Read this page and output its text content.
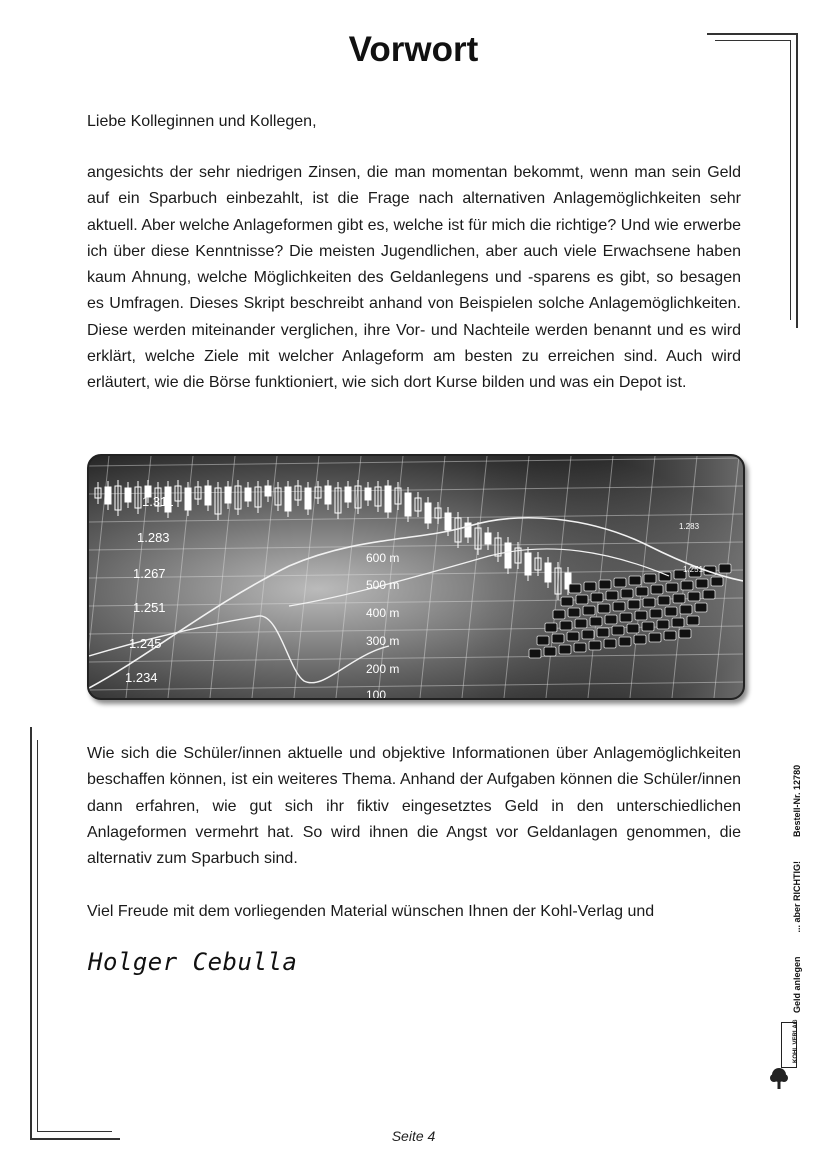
Vorwort
Liebe Kolleginnen und Kollegen,
angesichts der sehr niedrigen Zinsen, die man momentan bekommt, wenn man sein Geld auf ein Sparbuch einbezahlt, ist die Frage nach alternativen Anlagemöglichkeiten sehr aktuell. Aber welche Anlageformen gibt es, welche ist für mich die richtige? Und wie erwerbe ich über diese Kenntnisse? Die meisten Jugendlichen, aber auch viele Erwachsene haben kaum Ahnung, welche Möglichkeiten des Geldanlegens und -sparens es gibt, so besagen es Umfragen. Dieses Skript beschreibt anhand von Beispielen solche Anlagemöglichkeiten. Diese werden miteinander verglichen, ihre Vor- und Nachteile werden benannt und es wird erklärt, welche Ziele mit welcher Anlageform am besten zu erreichen sind. Auch wird erläutert, wie die Börse funktioniert, wie sich dort Kurse bilden und was ein Depot ist.
1.311
1.283
1.267
1.251
1.245
1.234
600 m
500 m
400 m
300 m
200 m
100
1.283
1.251
Wie sich die Schüler/innen aktuelle und objektive Informationen über Anlagemöglichkeiten beschaffen können, ist ein weiteres Thema. Anhand der Aufgaben können die Schüler/innen dann erfahren, wie gut sich ihr fiktiv eingesetztes Geld in den unterschiedlichen Anlageformen vermehrt hat. So wird ihnen die Angst vor Geldanlagen genommen, die alternativ zum Sparbuch sind.
Viel Freude mit dem vorliegenden Material wünschen Ihnen der Kohl-Verlag und
Holger Cebulla	Geld anlegen... aber RICHTIG!Bestell-Nr. 12780
KOHL VERLAG
Seite 4
